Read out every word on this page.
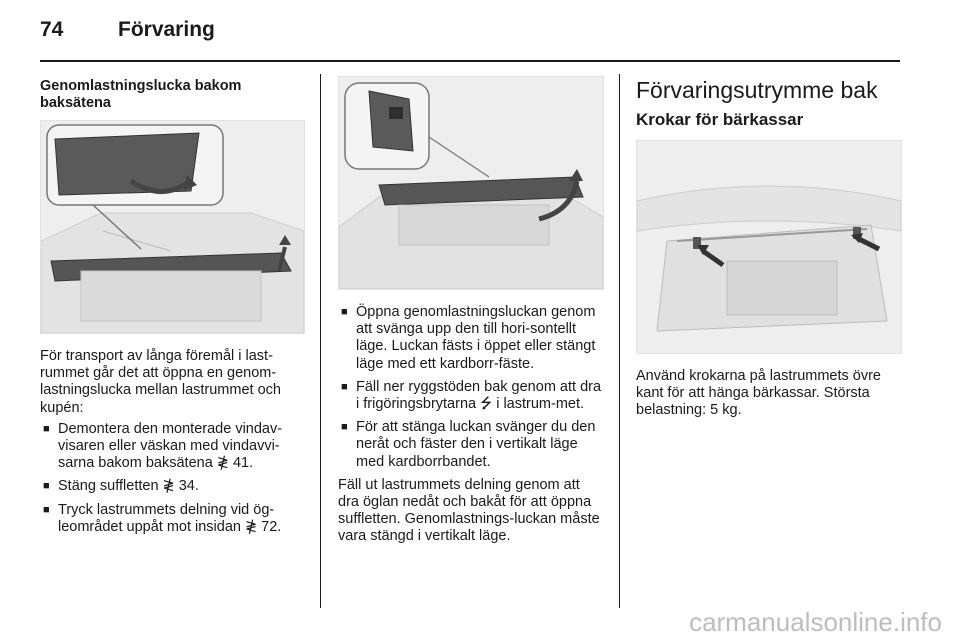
74	Förvaring
Genomlastningslucka bakom baksätena

För transport av långa föremål i last-rummet går det att öppna en genom-lastningslucka mellan lastrummet och kupén:

■ Demontera den monterade vindav-visaren eller väskan med vindavvi-sarna bakom baksätena ≹ 41.
■ Stäng suffletten ≹ 34.
■ Tryck lastrummets delning vid ög-leområdet uppåt mot insidan ≹ 72.
■ Öppna genomlastningsluckan genom att svänga upp den till hori-sontellt läge. Luckan fästs i öppet eller stängt läge med ett kardborr-fäste.
■ Fäll ner ryggstöden bak genom att dra i frigöringsbrytarna ⭍ i lastrum-met.
■ För att stänga luckan svänger du den neråt och fäster den i vertikalt läge med kardborrbandet.

Fäll ut lastrummets delning genom att dra öglan nedåt och bakåt för att öppna suffletten. Genomlastnings-luckan måste vara stängd i vertikalt läge.

Förvaringsutrymme bak
Krokar för bärkassar

Använd krokarna på lastrummets övre kant för att hänga bärkassar. Största belastning: 5 kg.

carmanualsonline.info
